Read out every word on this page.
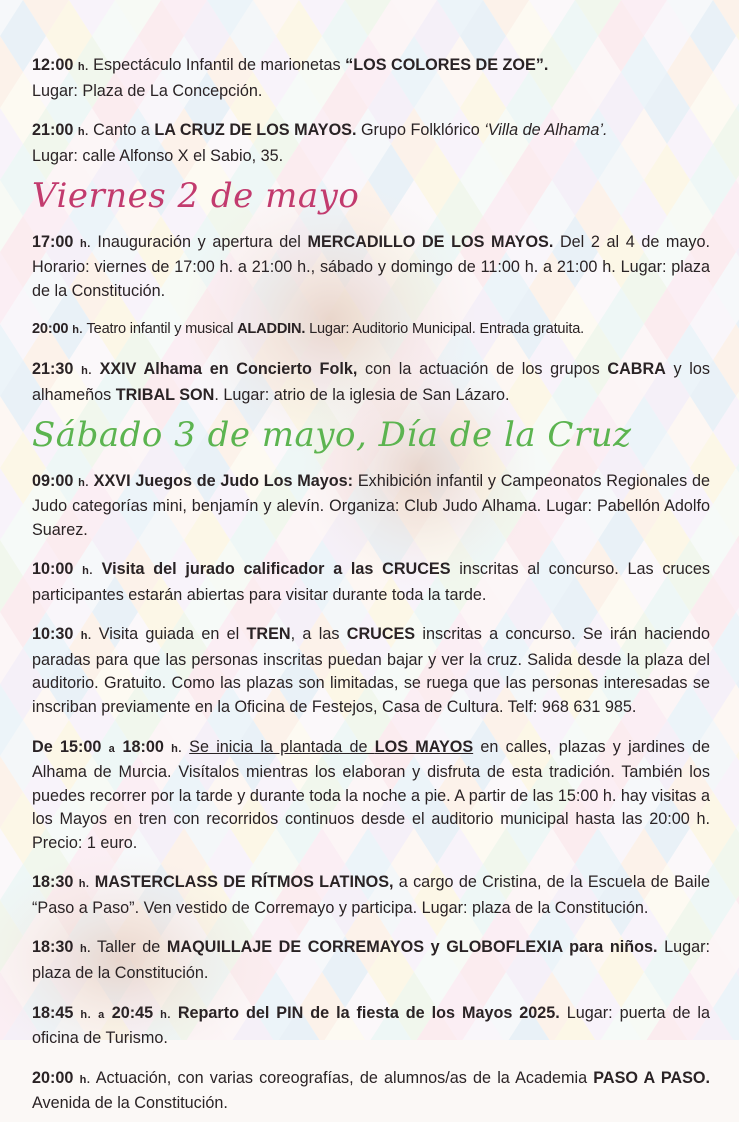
12:00 h. Espectáculo Infantil de marionetas “LOS COLORES DE ZOE”.
Lugar: Plaza de La Concepción.

21:00 h. Canto a LA CRUZ DE LOS MAYOS. Grupo Folklórico ‘Villa de Alhama’.
Lugar: calle Alfonso X el Sabio, 35.

Viernes 2 de mayo

17:00 h. Inauguración y apertura del MERCADILLO DE LOS MAYOS. Del 2 al 4 de mayo. Horario: viernes de 17:00 h. a 21:00 h., sábado y domingo de 11:00 h. a 21:00 h. Lugar: plaza de la Constitución.

20:00 h. Teatro infantil y musical ALADDIN. Lugar: Auditorio Municipal. Entrada gratuita.

21:30 h. XXIV Alhama en Concierto Folk, con la actuación de los grupos CABRA y los alhameños TRIBAL SON. Lugar: atrio de la iglesia de San Lázaro.

Sábado 3 de mayo, Día de la Cruz

09:00 h. XXVI Juegos de Judo Los Mayos: Exhibición infantil y Campeonatos Regionales de Judo categorías mini, benjamín y alevín. Organiza: Club Judo Alhama. Lugar: Pabellón Adolfo Suarez.

10:00 h. Visita del jurado calificador a las CRUCES inscritas al concurso. Las cruces participantes estarán abiertas para visitar durante toda la tarde.

10:30 h. Visita guiada en el TREN, a las CRUCES inscritas a concurso. Se irán haciendo paradas para que las personas inscritas puedan bajar y ver la cruz. Salida desde la plaza del auditorio. Gratuito. Como las plazas son limitadas, se ruega que las personas interesadas se inscriban previamente en la Oficina de Festejos, Casa de Cultura. Telf: 968 631 985.

De 15:00 a 18:00 h. Se inicia la plantada de LOS MAYOS en calles, plazas y jardines de Alhama de Murcia. Visítalos mientras los elaboran y disfruta de esta tradición. También los puedes recorrer por la tarde y durante toda la noche a pie. A partir de las 15:00 h. hay visitas a los Mayos en tren con recorridos continuos desde el auditorio municipal hasta las 20:00 h. Precio: 1 euro.

18:30 h. MASTERCLASS DE RÍTMOS LATINOS, a cargo de Cristina, de la Escuela de Baile “Paso a Paso”. Ven vestido de Corremayo y participa. Lugar: plaza de la Constitución.

18:30 h. Taller de MAQUILLAJE DE CORREMAYOS y GLOBOFLEXIA para niños. Lugar: plaza de la Constitución.

18:45 h. a 20:45 h. Reparto del PIN de la fiesta de los Mayos 2025. Lugar: puerta de la oficina de Turismo.

20:00 h. Actuación, con varias coreografías, de alumnos/as de la Academia PASO A PASO. Avenida de la Constitución.
